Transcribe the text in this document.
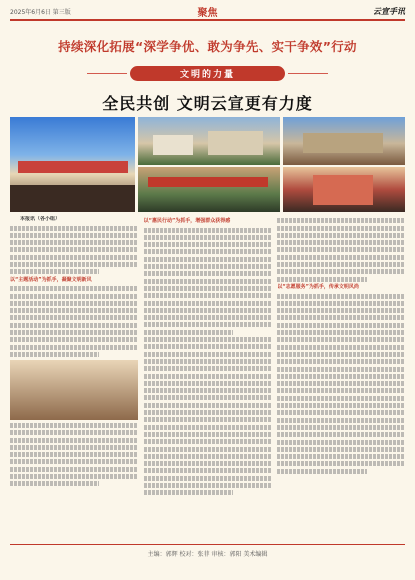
2025年6月6日 第三版	聚焦	云宣手讯
持续深化拓展“深学争优、敢为争先、实干争效”行动
文明的力量
全民共创 文明云宣更有力度

本报讯（各小组）

以“主题活动”为抓手，凝聚文明新风

以“惠民行动”为抓手，增强群众获得感

以“志愿服务”为抓手，传承文明风尚

主编：郭辉 校对：张菲 审核：郭阳 美术编辑
